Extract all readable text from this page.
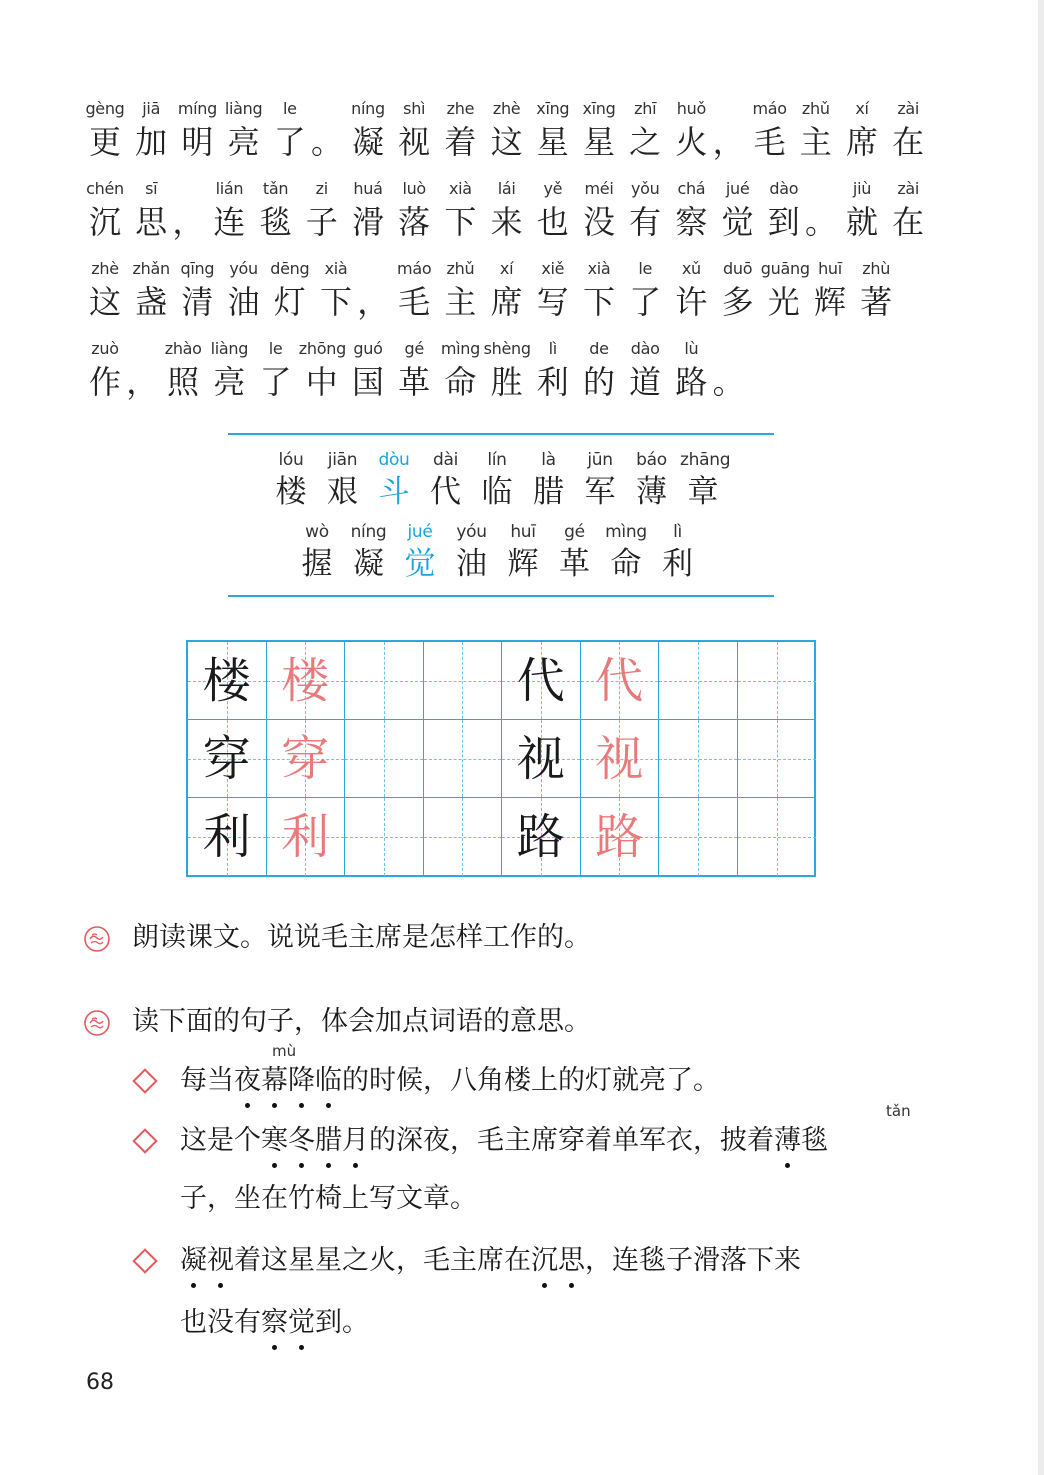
gèng
更
jiā
加
míng
明
liàng
亮
le
了 。
níng
凝
shì
视
zhe
着
zhè
这
xīng
星
xīng
星
zhī
之
huǒ
火 ，
máo
毛
zhǔ
主
xí
席
zài
在
chén
沉
sī
思 ，
lián
连
tǎn
毯
zi
子
huá
滑
luò
落
xià
下
lái
来
yě
也
méi
没
yǒu
有
chá
察
jué
觉
dào
到 。
jiù
就
zài
在
zhè
这
zhǎn
盏
qīng
清
yóu
油
dēng
灯
xià
下 ，
máo
毛
zhǔ
主
xí
席
xiě
写
xià
下
le
了
xǔ
许
duō
多
guāng
光
huī
辉
zhù
著
zuò
作 ，
zhào
照
liàng
亮
le
了
zhōng
中
guó
国
gé
革
mìng
命
shèng
胜
lì
利
de
的
dào
道
lù
路 。
lóu
楼
jiān
艰
dòu
斗
dài
代
lín
临
là
腊
jūn
军
báo
薄
zhāng
章
wò
握
níng
凝
jué
觉
yóu
油
huī
辉
gé
革
mìng
命
lì
利
楼 楼	代 代
穿 穿	视 视
利 利	路 路
朗读课文。说说毛主席是怎样工作的。
读下面的句子，体会加点词语的意思。
mù
每当夜幕降临的时候，八角楼上的灯就亮了。
tǎn
这是个寒冬腊月的深夜，毛主席穿着单军衣，披着薄毯
子，坐在竹椅上写文章。
凝视着这星星之火，毛主席在沉思，连毯子滑落下来
也没有察觉到。
68
